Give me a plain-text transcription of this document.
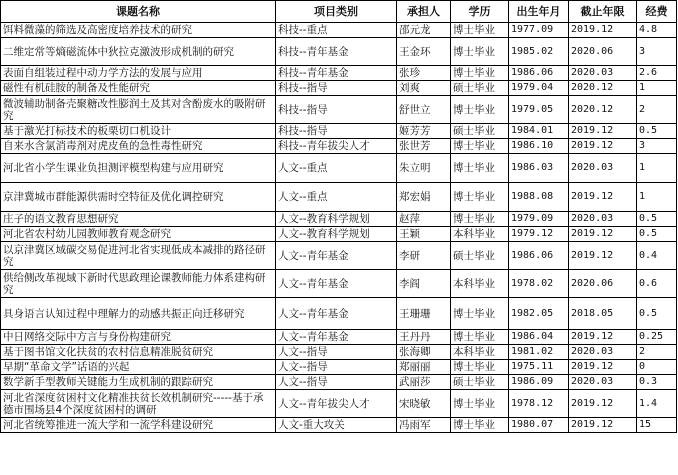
课题名称	项目类别	承担人	学历	出生年月	截止年限	经费
饵料微藻的筛选及高密度培养技术的研究	科技--重点	邵元龙	博士毕业	1977.09	2019.12	4.8
二维定常等熵磁流体中狄拉克激波形成机制的研究	科技--青年基金	王金环	博士毕业	1985.02	2020.06	3
表面自组装过程中动力学方法的发展与应用	科技--青年基金	张珍	博士毕业	1986.06	2020.03	2.6
磁性有机硅胺的制备及性能研究	科技--指导	刘爽	硕士毕业	1979.04	2020.12	1
微波辅助制备壳聚糖改性膨润土及其对含酚废水的吸附研究	科技--指导	舒世立	博士毕业	1979.05	2020.12	2
基于激光打标技术的板栗切口机设计	科技--指导	姬芳芳	硕士毕业	1984.01	2019.12	0.5
自来水含氯消毒剂对虎皮鱼的急性毒性研究	科技--青年拔尖人才	张世芳	博士毕业	1986.10	2019.12	3
河北省小学生课业负担测评模型构建与应用研究	人文--重点	朱立明	博士毕业	1986.03	2020.03	1
京津冀城市群能源供需时空特征及优化调控研究	人文--重点	郑宏娟	博士毕业	1988.08	2019.12	1
庄子的语文教育思想研究	人文--教育科学规划	赵萍	博士毕业	1979.09	2020.03	0.5
河北省农村幼儿园教师教育观念研究	人文--教育科学规划	王颖	本科毕业	1979.12	2019.12	0.5
以京津冀区域碳交易促进河北省实现低成本减排的路径研究	人文--青年基金	李研	硕士毕业	1986.06	2019.12	0.4
供给侧改革视域下新时代思政理论课教师能力体系建构研究	人文--青年基金	李阎	本科毕业	1978.02	2020.06	0.6
具身语言认知过程中理解力的动感共振正向迁移研究	人文--青年基金	王珊珊	博士毕业	1982.05	2018.05	0.5
中日网络交际中方言与身份构建研究	人文--青年基金	王丹丹	博士毕业	1986.04	2019.12	0.25
基于图书馆文化扶贫的农村信息精准脱贫研究	人文--指导	张海卿	本科毕业	1981.02	2020.03	2
早期“革命文学”话语的兴起	人文--指导	郑丽丽	博士毕业	1975.11	2019.12	0
数学新手型教师关键能力生成机制的跟踪研究	人文--指导	武丽莎	硕士毕业	1986.09	2020.03	0.3
河北省深度贫困村文化精准扶贫长效机制研究-----基于承德市围场县4个深度贫困村的调研	人文--青年拔尖人才	宋晓敏	博士毕业	1978.12	2019.12	1.4
河北省统筹推进一流大学和一流学科建设研究	人文-重大攻关	冯雨军	博士毕业	1980.07	2019.12	15
